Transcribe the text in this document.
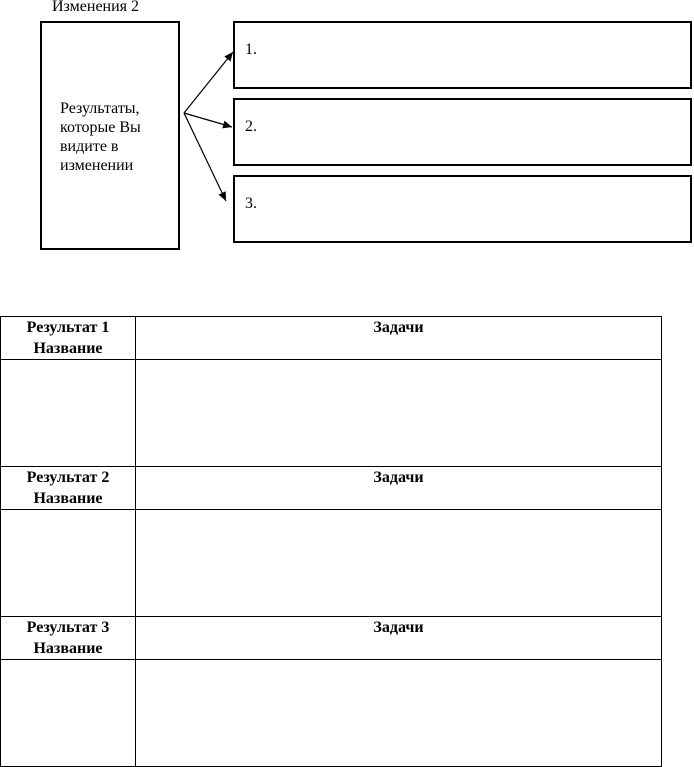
Изменения 2
Результаты,
которые Вы
видите в
изменении
1.
2.
3.
Результат 1
Название	Задачи

Результат 2
Название	Задачи

Результат 3
Название	Задачи
